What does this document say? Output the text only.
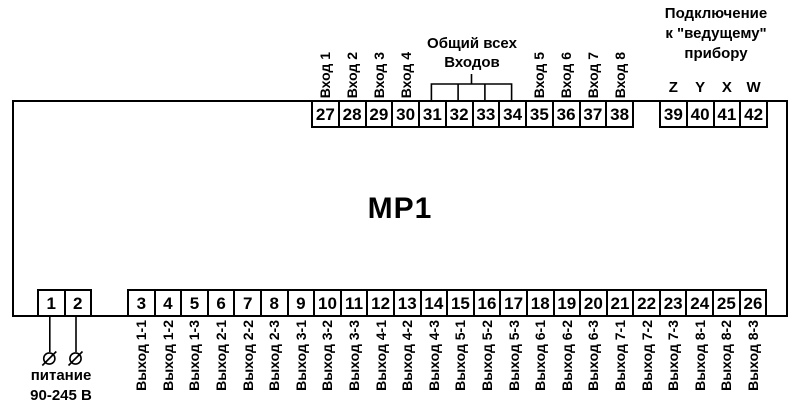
МР1
27
Вход 1
28
Вход 2
29
Вход 3
30
Вход 4
31 32 33 34 35
Вход 5
36
Вход 6
37
Вход 7
38
Вход 8
39
Z
40
Y
41
X
42
W
1 2	3
Выход 1-1
4
Выход 1-2
5
Выход 1-3
6
Выход 2-1
7
Выход 2-2
8
Выход 2-3
9
Выход 3-1
10
Выход 3-2
11
Выход 3-3
12
Выход 4-1
13
Выход 4-2
14
Выход 4-3
15
Выход 5-1
16
Выход 5-2
17
Выход 5-3
18
Выход 6-1
19
Выход 6-2
20
Выход 6-3
21
Выход 7-1
22
Выход 7-2
23
Выход 7-3
24
Выход 8-1
25
Выход 8-2
26
Выход 8-3
Общий всех
Входов
Подключение
к "ведущему"
прибору
питание
90-245 В
